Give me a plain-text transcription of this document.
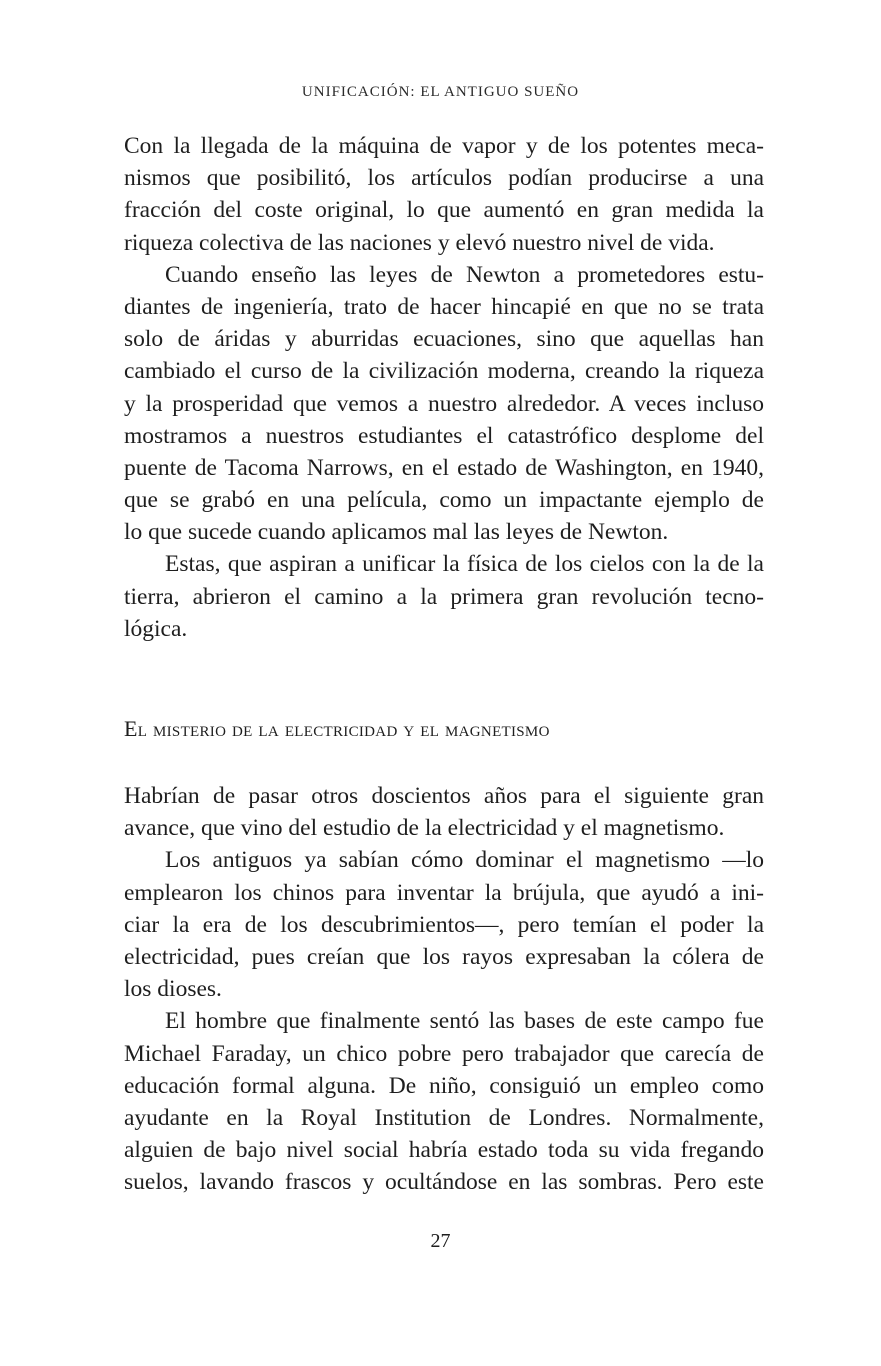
UNIFICACIÓN: EL ANTIGUO SUEÑO
Con la llegada de la máquina de vapor y de los potentes meca-
nismos que posibilitó, los artículos podían producirse a una
fracción del coste original, lo que aumentó en gran medida la
riqueza colectiva de las naciones y elevó nuestro nivel de vida.
Cuando enseño las leyes de Newton a prometedores estu-
diantes de ingeniería, trato de hacer hincapié en que no se trata
solo de áridas y aburridas ecuaciones, sino que aquellas han
cambiado el curso de la civilización moderna, creando la riqueza
y la prosperidad que vemos a nuestro alrededor. A veces incluso
mostramos a nuestros estudiantes el catastrófico desplome del
puente de Tacoma Narrows, en el estado de Washington, en 1940,
que se grabó en una película, como un impactante ejemplo de
lo que sucede cuando aplicamos mal las leyes de Newton.
Estas, que aspiran a unificar la física de los cielos con la de la
tierra, abrieron el camino a la primera gran revolución tecno-
lógica.
El misterio de la electricidad y el magnetismo
Habrían de pasar otros doscientos años para el siguiente gran
avance, que vino del estudio de la electricidad y el magnetismo.
Los antiguos ya sabían cómo dominar el magnetismo —lo
emplearon los chinos para inventar la brújula, que ayudó a ini-
ciar la era de los descubrimientos—, pero temían el poder la
electricidad, pues creían que los rayos expresaban la cólera de
los dioses.
El hombre que finalmente sentó las bases de este campo fue
Michael Faraday, un chico pobre pero trabajador que carecía de
educación formal alguna. De niño, consiguió un empleo como
ayudante en la Royal Institution de Londres. Normalmente,
alguien de bajo nivel social habría estado toda su vida fregando
suelos, lavando frascos y ocultándose en las sombras. Pero este
27
